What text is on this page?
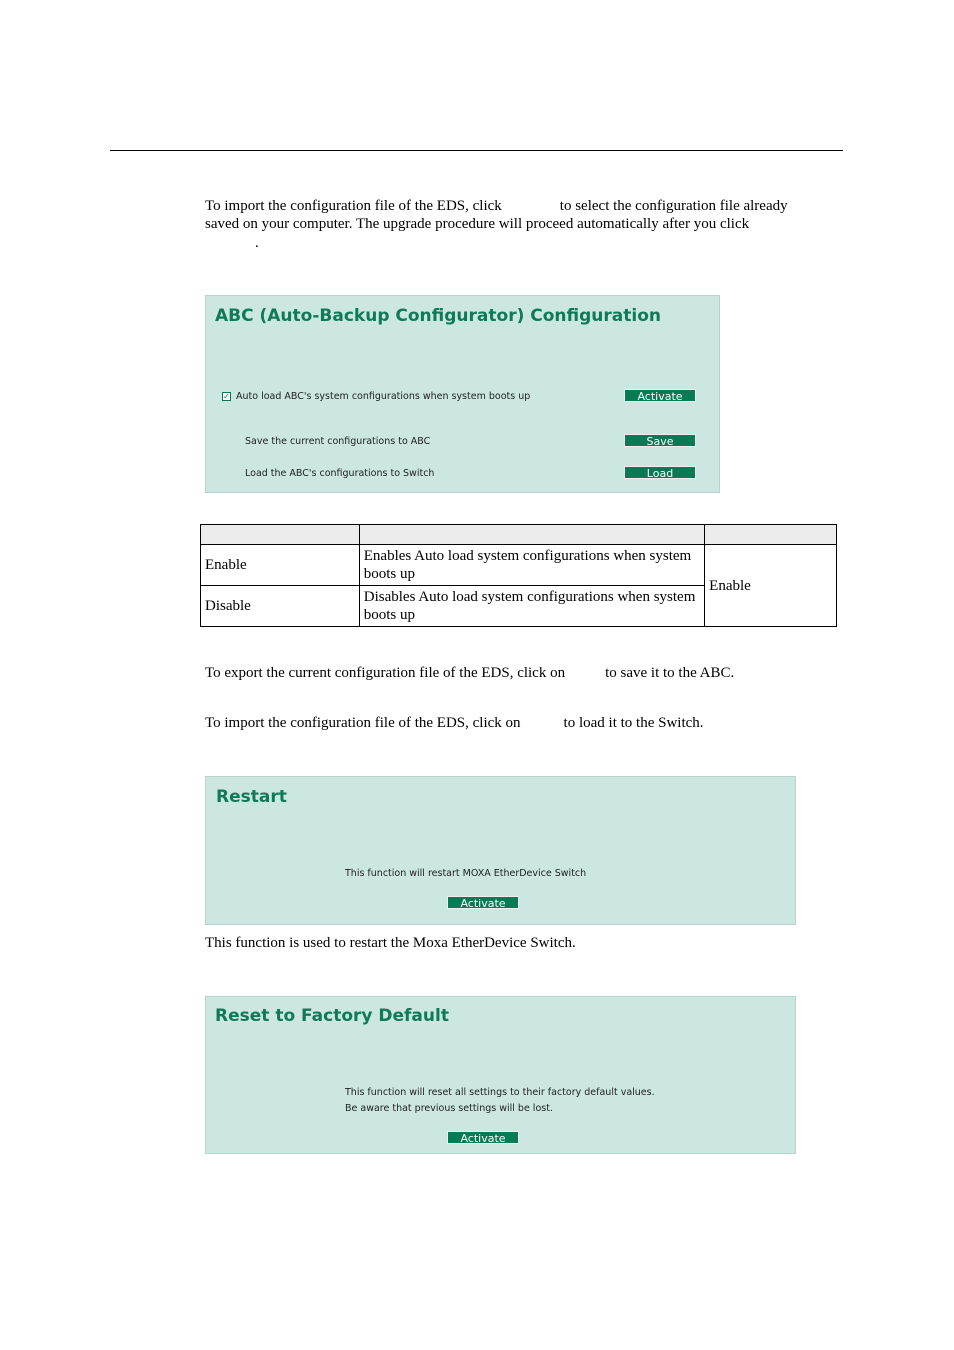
To import the configuration file of the EDS, click	to select the configuration file already

saved on your computer. The upgrade procedure will proceed automatically after you click

.

ABC (Auto-Backup Configurator) Configuration
✓ Auto load ABC's system configurations when system boots up	Activate
Save the current configurations to ABC	Save
Load the ABC's configurations to Switch	Load

Enable	Enables Auto load system configurations when system boots up	Enable
Disable	Disables Auto load system configurations when system boots up	

To export the current configuration file of the EDS, click on	to save it to the ABC.

To import the configuration file of the EDS, click on	to load it to the Switch.

Restart
This function will restart MOXA EtherDevice Switch
Activate

This function is used to restart the Moxa EtherDevice Switch.

Reset to Factory Default
This function will reset all settings to their factory default values.
Be aware that previous settings will be lost.
Activate
